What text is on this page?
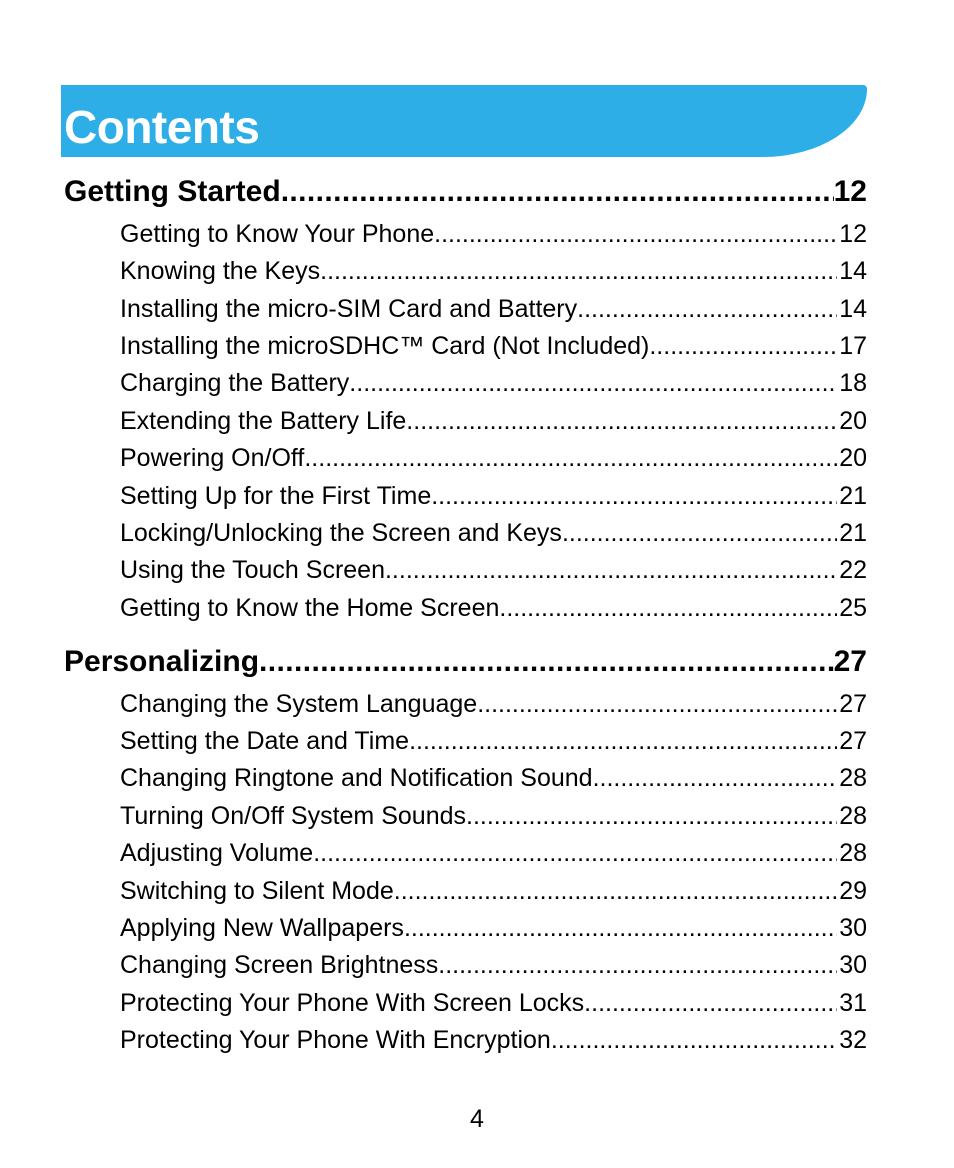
Contents
Getting Started .....	12
Getting to Know Your Phone .....	12
Knowing the Keys .....	14
Installing the micro-SIM Card and Battery .....	14
Installing the microSDHC™ Card (Not Included) .....	17
Charging the Battery .....	18
Extending the Battery Life .....	20
Powering On/Off .....	20
Setting Up for the First Time .....	21
Locking/Unlocking the Screen and Keys .....	21
Using the Touch Screen .....	22
Getting to Know the Home Screen .....	25
Personalizing .....	27
Changing the System Language .....	27
Setting the Date and Time .....	27
Changing Ringtone and Notification Sound .....	28
Turning On/Off System Sounds .....	28
Adjusting Volume .....	28
Switching to Silent Mode .....	29
Applying New Wallpapers .....	30
Changing Screen Brightness .....	30
Protecting Your Phone With Screen Locks .....	31
Protecting Your Phone With Encryption .....	32
4
